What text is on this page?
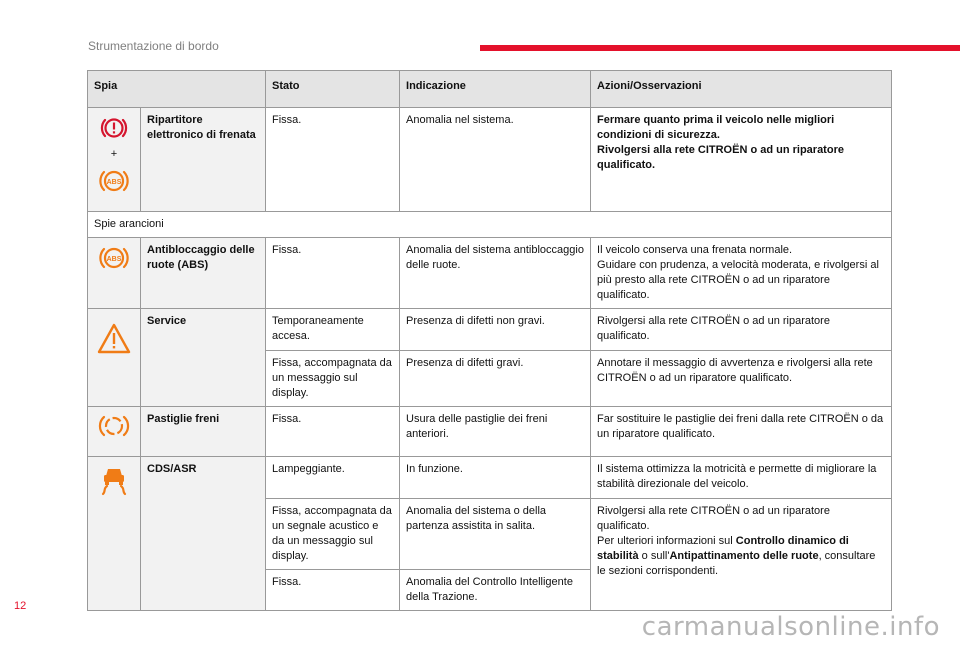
Strumentazione di bordo
Spia		Stato	Indicazione	Azioni/Osservazioni

+
ABS	Ripartitore elettronico di frenata	Fissa.	Anomalia nel sistema.	Fermare quanto prima il veicolo nelle migliori condizioni di sicurezza.
Rivolgersi alla rete CITROËN o ad un riparatore qualificato.
Spie arancioni				

ABS	Antibloccaggio delle ruote (ABS)	Fissa.	Anomalia del sistema antibloccaggio delle ruote.	Il veicolo conserva una frenata normale.
Guidare con prudenza, a velocità moderata, e rivolgersi al più presto alla rete CITROËN o ad un riparatore qualificato.

	Service	Temporaneamente accesa.	Presenza di difetti non gravi.	Rivolgersi alla rete CITROËN o ad un riparatore qualificato.
		Fissa, accompagnata da un messaggio sul display.	Presenza di difetti gravi.	Annotare il messaggio di avvertenza e rivolgersi alla rete CITROËN o ad un riparatore qualificato.

	Pastiglie freni	Fissa.	Usura delle pastiglie dei freni anteriori.	Far sostituire le pastiglie dei freni dalla rete CITROËN o da un riparatore qualificato.

	CDS/ASR	Lampeggiante.	In funzione.	Il sistema ottimizza la motricità e permette di migliorare la stabilità direzionale del veicolo.
		Fissa, accompagnata da un segnale acustico e da un messaggio sul display.	Anomalia del sistema o della partenza assistita in salita.	Rivolgersi alla rete CITROËN o ad un riparatore qualificato.
Per ulteriori informazioni sul Controllo dinamico di stabilità o sull'Antipattinamento delle ruote, consultare le sezioni corrispondenti.
		Fissa.	Anomalia del Controllo Intelligente della Trazione.	
12
carmanualsonline.info
